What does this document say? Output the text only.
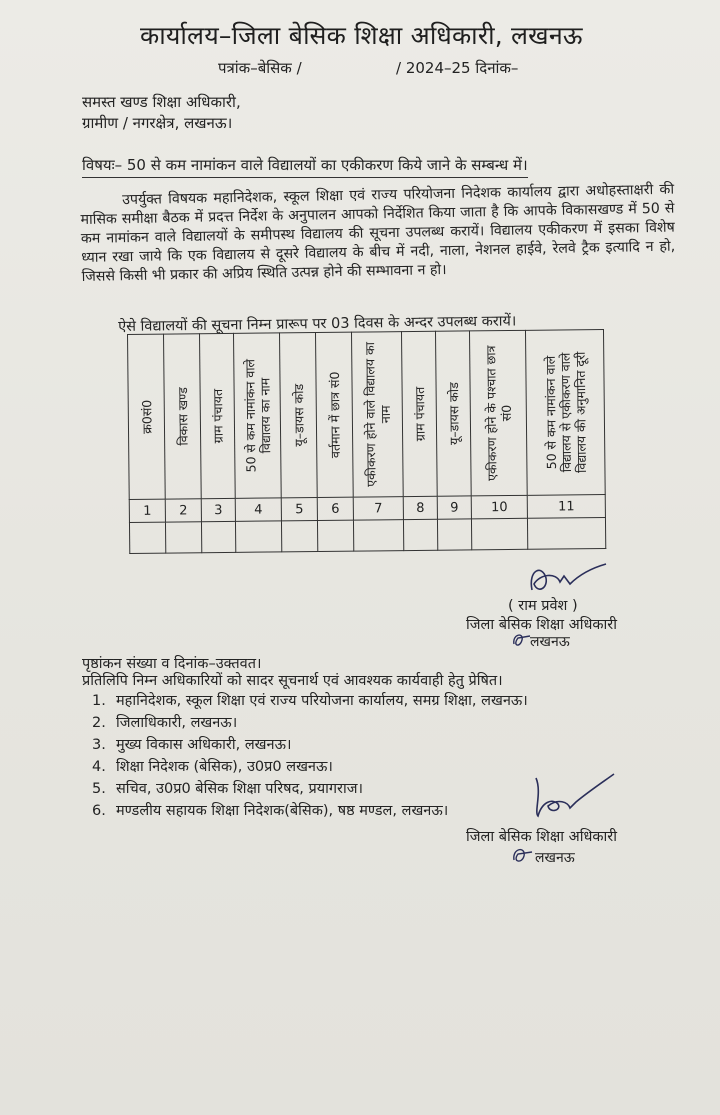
कार्यालय–जिला बेसिक शिक्षा अधिकारी, लखनऊ
पत्रांक–बेसिक /	/ 2024–25 दिनांक–
समस्त खण्ड शिक्षा अधिकारी,
ग्रामीण / नगरक्षेत्र, लखनऊ।
विषयः– 50 से कम नामांकन वाले विद्यालयों का एकीकरण किये जाने के सम्बन्ध में।

उपर्युक्त विषयक महानिदेशक, स्कूल शिक्षा एवं राज्य परियोजना निदेशक कार्यालय द्वारा अधोहस्ताक्षरी की मासिक समीक्षा बैठक में प्रदत्त निर्देश के अनुपालन आपको निर्देशित किया जाता है कि आपके विकासखण्ड में 50 से कम नामांकन वाले विद्यालयों के समीपस्थ विद्यालय की सूचना उपलब्ध करायें। विद्यालय एकीकरण में इसका विशेष ध्यान रखा जाये कि एक विद्यालय से दूसरे विद्यालय के बीच में नदी, नाला, नेशनल हाईवे, रेलवे ट्रैक इत्यादि न हो, जिससे किसी भी प्रकार की अप्रिय स्थिति उत्पन्न होने की सम्भावना न हो।

ऐसे विद्यालयों की सूचना निम्न प्रारूप पर 03 दिवस के अन्दर उपलब्ध करायें।
क्र0सं0	विकास खण्ड	ग्राम पंचायत	50 से कम नामांकन वाले विद्यालय का नाम	यू–डायस कोड	वर्तमान में छात्र सं0	एकीकरण होने वाले विद्यालय का नाम	ग्राम पंचायत	यू–डायस कोड	एकीकरण होने के पश्चात छात्र सं0	50 से कम नामांकन वाले विद्यालय से एकीकरण वाले विद्यालय की अनुमानित दूरी

1	2	3	4	5	6	7	8	9	10	11

( राम प्रवेश )
जिला बेसिक शिक्षा अधिकारी
लखनऊ
पृष्ठांकन संख्या व दिनांक–उक्तवत।
प्रतिलिपि निम्न अधिकारियों को सादर सूचनार्थ एवं आवश्यक कार्यवाही हेतु प्रेषित।
1. महानिदेशक, स्कूल शिक्षा एवं राज्य परियोजना कार्यालय, समग्र शिक्षा, लखनऊ।
2. जिलाधिकारी, लखनऊ।
3. मुख्य विकास अधिकारी, लखनऊ।
4. शिक्षा निदेशक (बेसिक), उ0प्र0 लखनऊ।
5. सचिव, उ0प्र0 बेसिक शिक्षा परिषद, प्रयागराज।
6. मण्डलीय सहायक शिक्षा निदेशक(बेसिक), षष्ठ मण्डल, लखनऊ।
जिला बेसिक शिक्षा अधिकारी
लखनऊ
